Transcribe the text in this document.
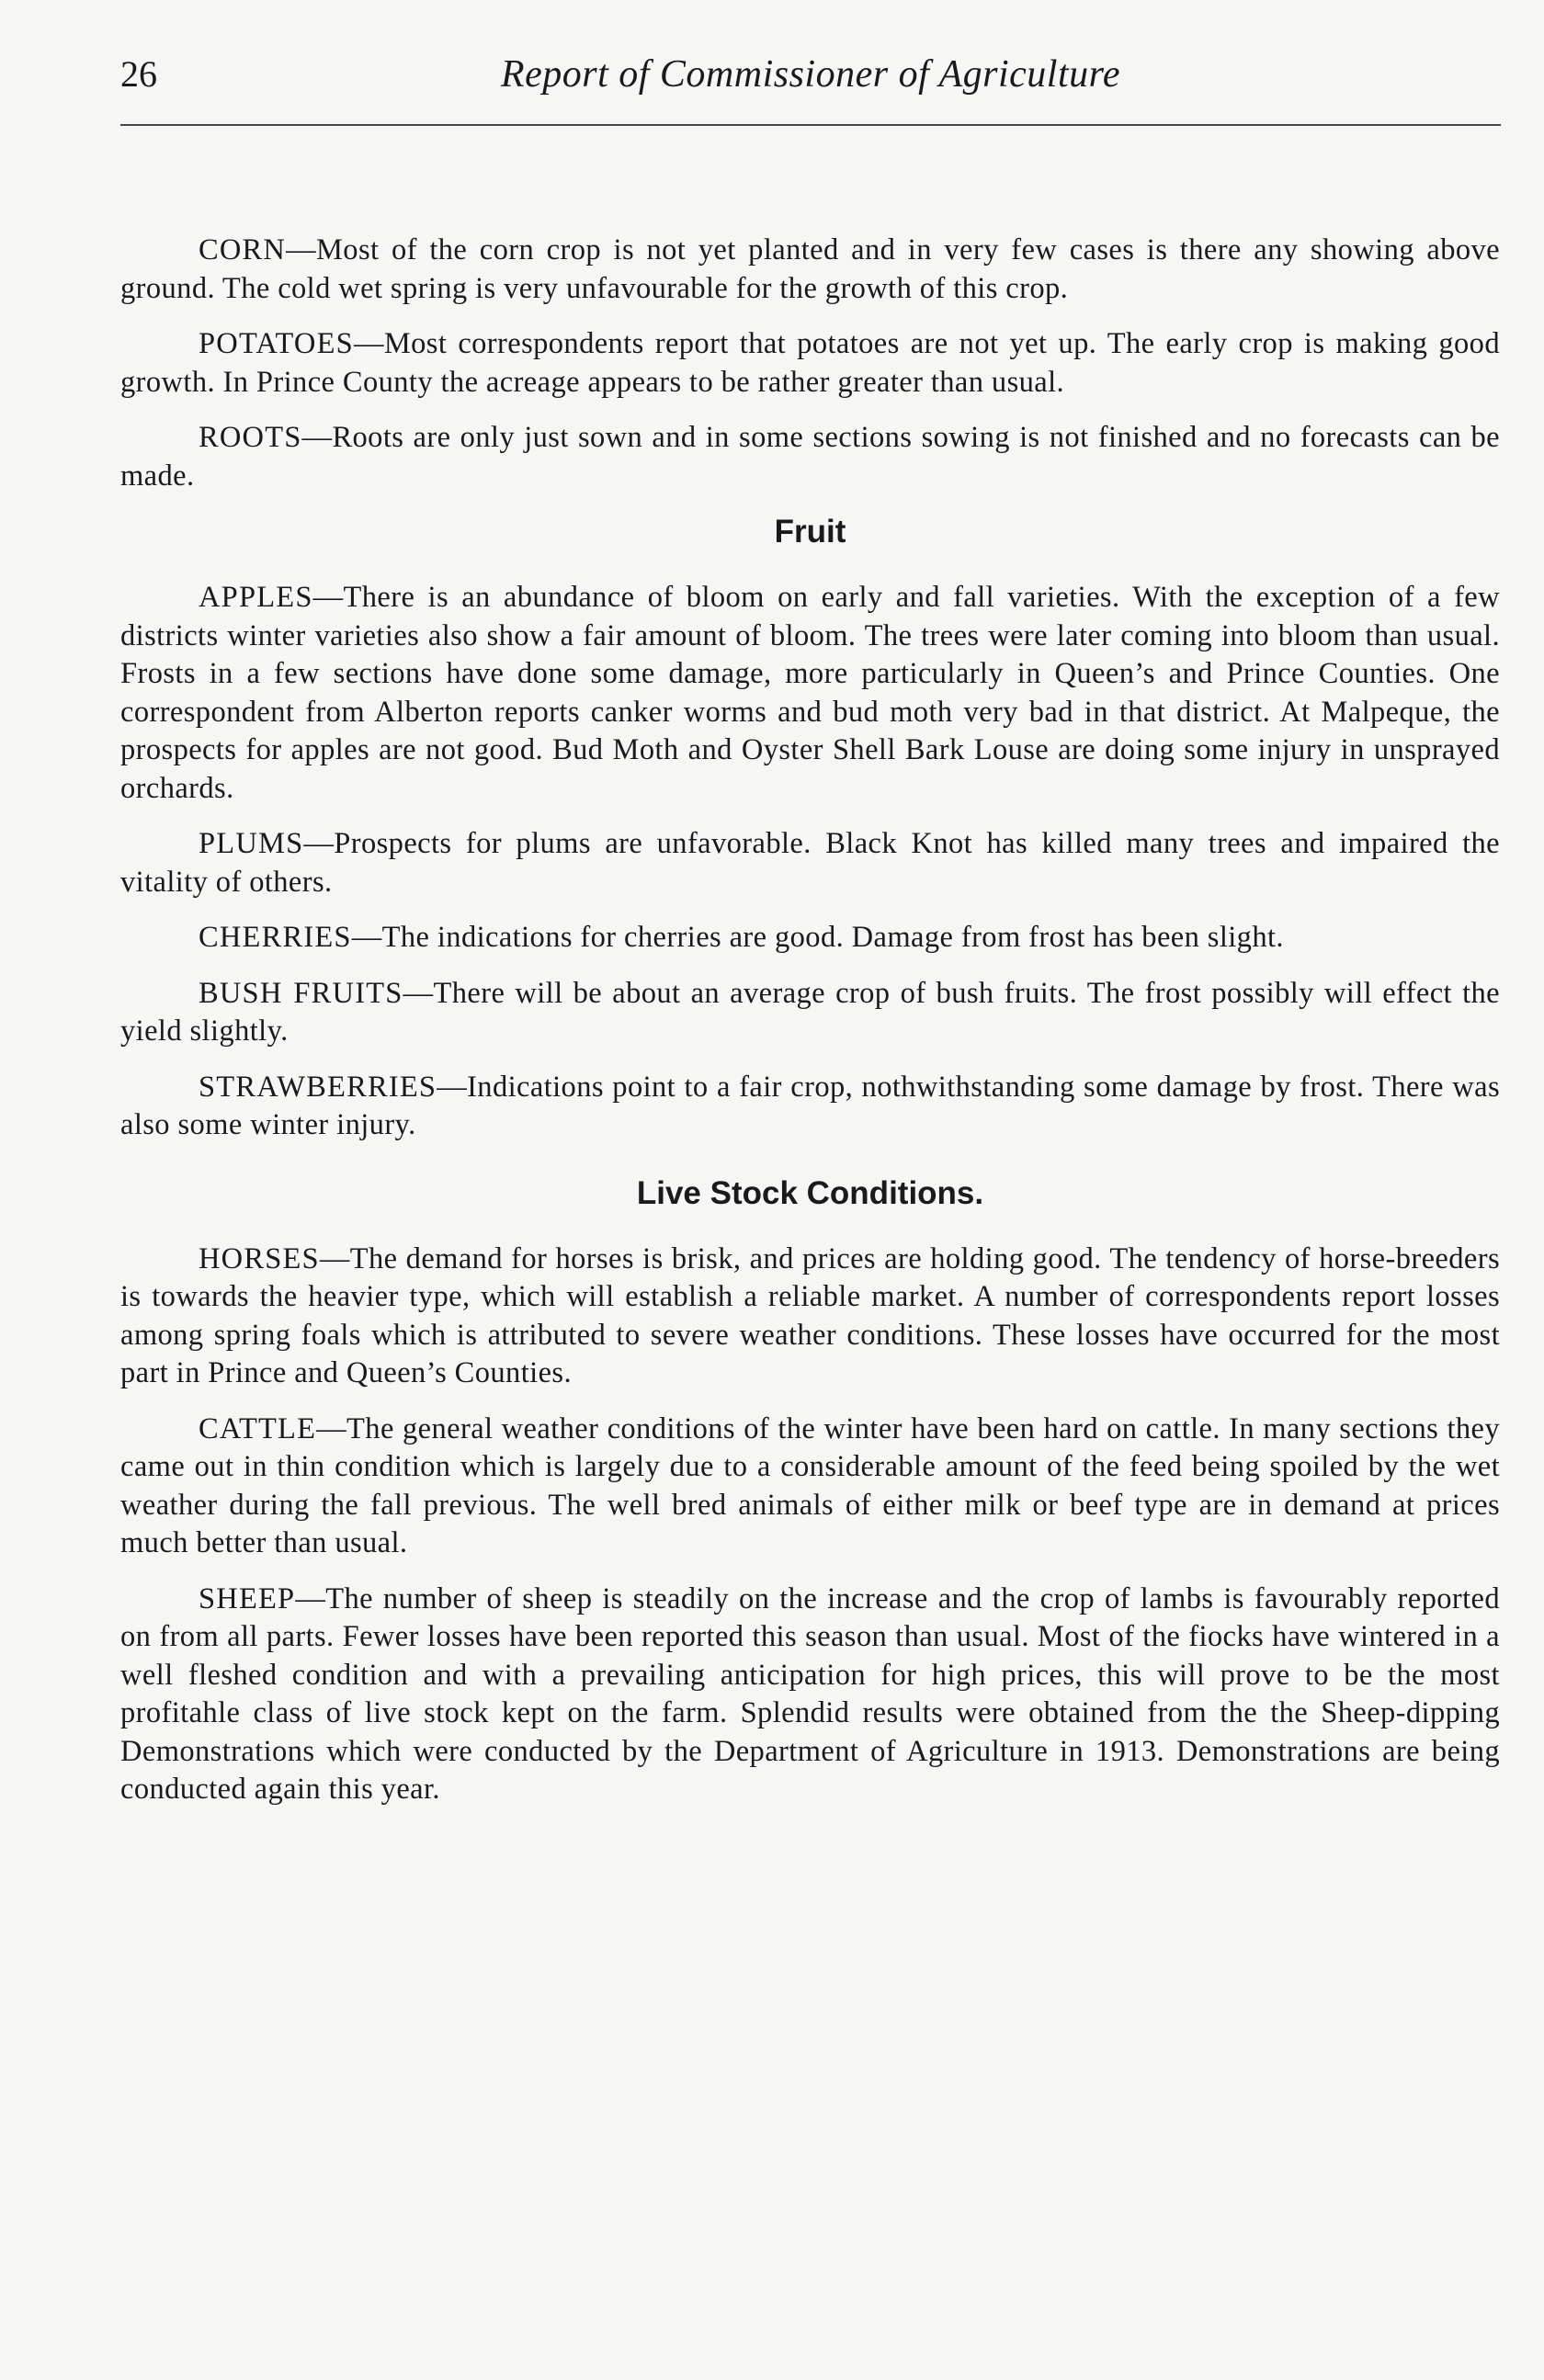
26	Report of Commissioner of Agriculture

CORN—Most of the corn crop is not yet planted and in very few cases is there any showing above ground. The cold wet spring is very unfavourable for the growth of this crop.

POTATOES—Most correspondents report that potatoes are not yet up. The early crop is making good growth. In Prince County the acreage appears to be rather greater than usual.

ROOTS—Roots are only just sown and in some sections sowing is not finished and no forecasts can be made.

Fruit

APPLES—There is an abundance of bloom on early and fall varieties. With the exception of a few districts winter varieties also show a fair amount of bloom. The trees were later coming into bloom than usual. Frosts in a few sections have done some damage, more particularly in Queen’s and Prince Counties. One correspondent from Alberton reports canker worms and bud moth very bad in that district. At Malpeque, the prospects for apples are not good. Bud Moth and Oyster Shell Bark Louse are doing some injury in unsprayed orchards.

PLUMS—Prospects for plums are unfavorable. Black Knot has killed many trees and impaired the vitality of others.

CHERRIES—The indications for cherries are good. Damage from frost has been slight.

BUSH FRUITS—There will be about an average crop of bush fruits. The frost possibly will effect the yield slightly.

STRAWBERRIES—Indications point to a fair crop, nothwithstanding some damage by frost. There was also some winter injury.

Live Stock Conditions.

HORSES—The demand for horses is brisk, and prices are holding good. The tendency of horse-breeders is towards the heavier type, which will establish a reliable market. A number of correspondents report losses among spring foals which is attributed to severe weather conditions. These losses have occurred for the most part in Prince and Queen’s Counties.

CATTLE—The general weather conditions of the winter have been hard on cattle. In many sections they came out in thin condition which is largely due to a considerable amount of the feed being spoiled by the wet weather during the fall previous. The well bred animals of either milk or beef type are in demand at prices much better than usual.

SHEEP—The number of sheep is steadily on the increase and the crop of lambs is favourably reported on from all parts. Fewer losses have been reported this season than usual. Most of the fiocks have wintered in a well fleshed condition and with a prevailing anticipation for high prices, this will prove to be the most profitahle class of live stock kept on the farm. Splendid results were obtained from the the Sheep-dipping Demonstrations which were conducted by the Department of Agriculture in 1913. Demonstrations are being conducted again this year.
